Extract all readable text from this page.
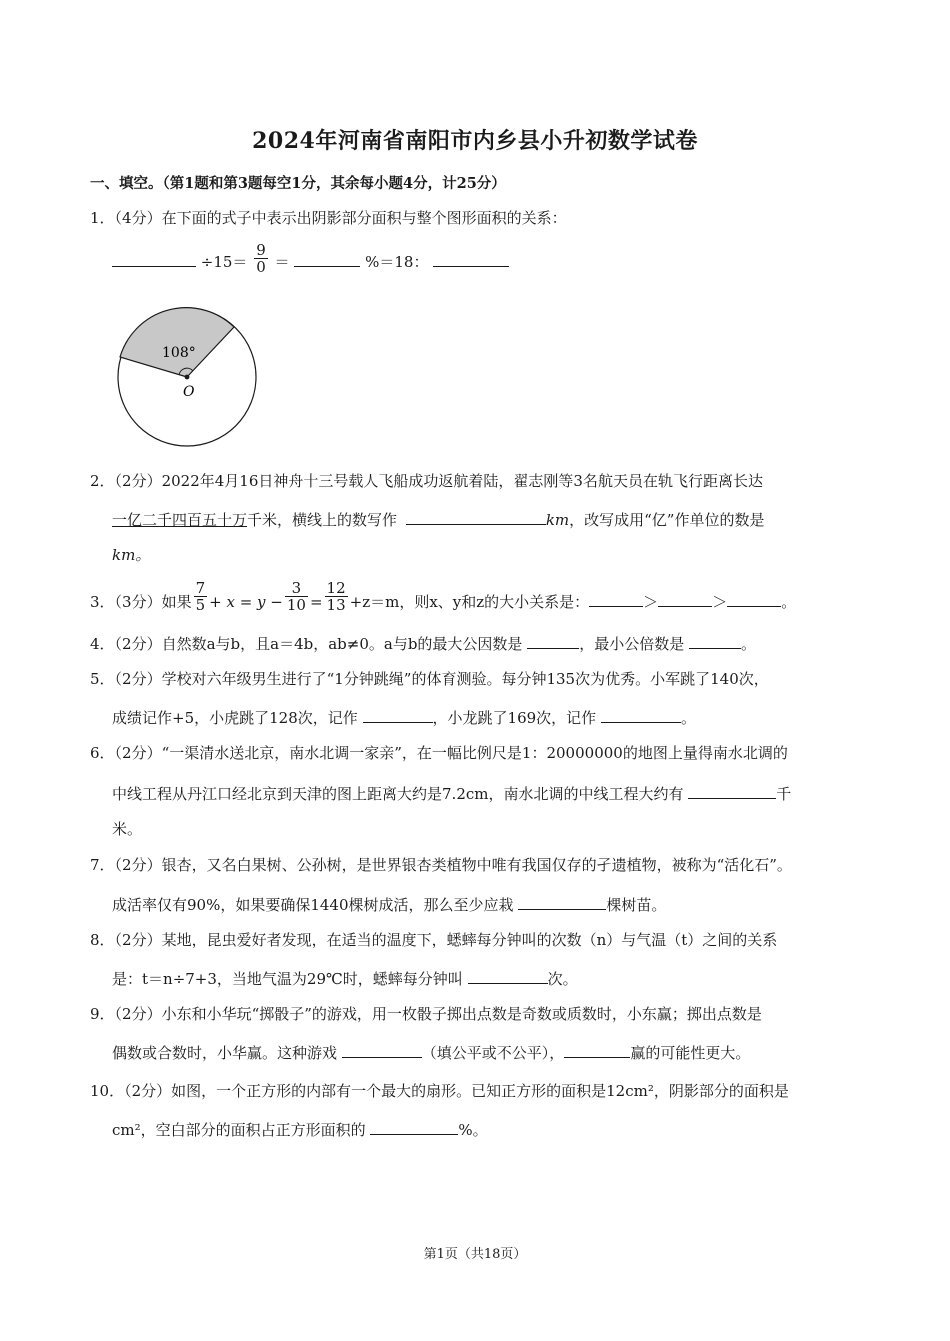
2024年河南省南阳市内乡县小升初数学试卷
一、填空。（第1题和第3题每空1分，其余每小题4分，计25分）
1．（4分）在下面的式子中表示出阴影部分面积与整个图形面积的关系：
$\div 15= \frac{9}{0}$ ＝	%＝18：
108°
O
2．（2分）2022年4月16日神舟十三号载人飞船成功返航着陆，翟志刚等3名航天员在轨飞行距离长达
一亿二千四百五十万千米，横线上的数写作	km，改写成用“亿”作单位的数是
km。
3．（3分）如果 $\frac{7}{5} + x = y - \frac{3}{10} = \frac{12}{13} +z=m$，则x、y和z的大小关系是：	＞	＞	。
4．（2分）自然数a与b，且a＝4b，ab≠0。a与b的最大公因数是	，最小公倍数是	。
5．（2分）学校对六年级男生进行了“1分钟跳绳”的体育测验。每分钟135次为优秀。小军跳了140次，
成绩记作+5，小虎跳了128次，记作	，小龙跳了169次，记作	。
6．（2分）“一渠清水送北京，南水北调一家亲”，在一幅比例尺是1：20000000的地图上量得南水北调的
中线工程从丹江口经北京到天津的图上距离大约是7.2cm，南水北调的中线工程大约有	千
米。
7．（2分）银杏，又名白果树、公孙树，是世界银杏类植物中唯有我国仅存的孑遗植物，被称为“活化石”。
成活率仅有90%，如果要确保1440棵树成活，那么至少应栽	棵树苗。
8．（2分）某地，昆虫爱好者发现，在适当的温度下，蟋蟀每分钟叫的次数（n）与气温（t）之间的关系
是：t＝n÷7+3，当地气温为29℃时，蟋蟀每分钟叫	次。
9．（2分）小东和小华玩“掷骰子”的游戏，用一枚骰子掷出点数是奇数或质数时，小东赢；掷出点数是
偶数或合数时，小华赢。这种游戏	（填公平或不公平），	赢的可能性更大。
10．（2分）如图，一个正方形的内部有一个最大的扇形。已知正方形的面积是12cm²，阴影部分的面积是
cm²，空白部分的面积占正方形面积的	%。
第1页（共18页）
